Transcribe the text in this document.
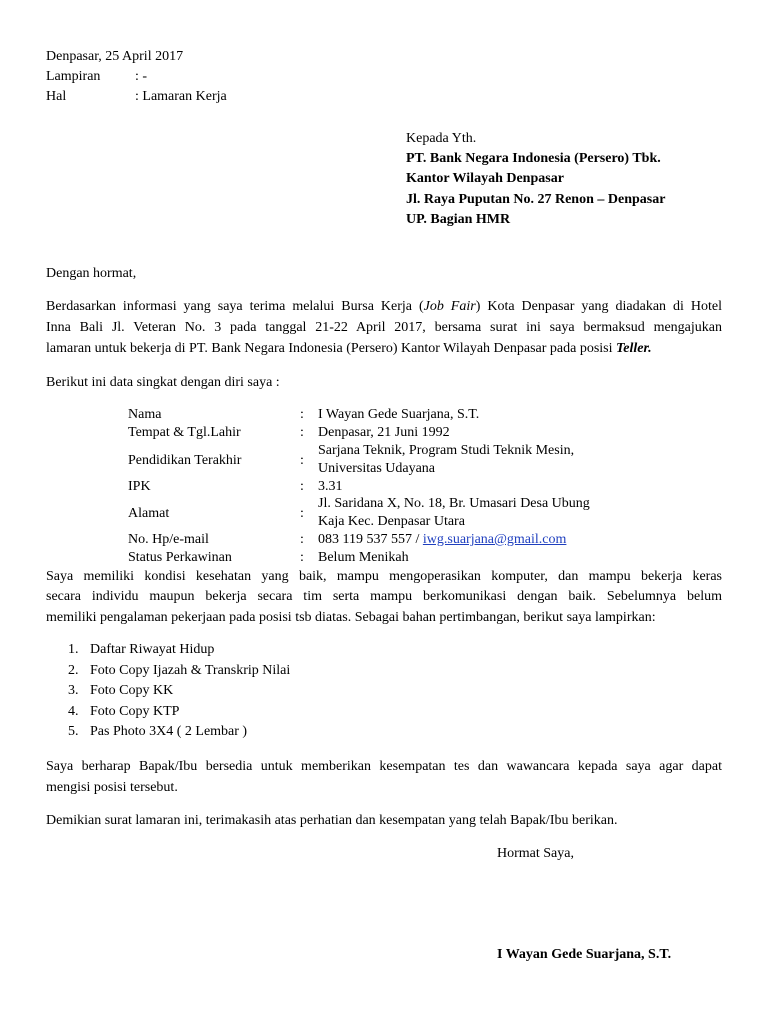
Denpasar, 25 April 2017
Lampiran : -
Hal	: Lamaran Kerja
Kepada Yth.
PT. Bank Negara Indonesia (Persero) Tbk.
Kantor Wilayah Denpasar
Jl. Raya Puputan No. 27 Renon – Denpasar
UP. Bagian HMR
Dengan hormat,
Berdasarkan informasi yang saya terima melalui Bursa Kerja (Job Fair) Kota Denpasar yang diadakan di Hotel
Inna Bali Jl. Veteran No. 3 pada tanggal 21-22 April 2017, bersama surat ini saya bermaksud mengajukan
lamaran untuk bekerja di PT. Bank Negara Indonesia (Persero) Kantor Wilayah Denpasar pada posisi Teller.
Berikut ini data singkat dengan diri saya :
Nama	: I Wayan Gede Suarjana, S.T.
Tempat & Tgl.Lahir	: Denpasar, 21 Juni 1992
Pendidikan Terakhir	:
Sarjana Teknik, Program Studi Teknik Mesin,
Universitas Udayana
IPK	: 3.31
Alamat	:
Jl. Saridana X, No. 18, Br. Umasari Desa Ubung
Kaja Kec. Denpasar Utara
No. Hp/e-mail	: 083 119 537 557 / iwg.suarjana@gmail.com
Status Perkawinan	: Belum Menikah
Saya memiliki kondisi kesehatan yang baik, mampu mengoperasikan komputer, dan mampu bekerja keras
secara individu maupun bekerja secara tim serta mampu berkomunikasi dengan baik. Sebelumnya belum
memiliki pengalaman pekerjaan pada posisi tsb diatas. Sebagai bahan pertimbangan, berikut saya lampirkan:
1. Daftar Riwayat Hidup
2. Foto Copy Ijazah & Transkrip Nilai
3. Foto Copy KK
4. Foto Copy KTP
5. Pas Photo 3X4 ( 2 Lembar )
Saya berharap Bapak/Ibu bersedia untuk memberikan kesempatan tes dan wawancara kepada saya agar dapat
mengisi posisi tersebut.
Demikian surat lamaran ini, terimakasih atas perhatian dan kesempatan yang telah Bapak/Ibu berikan.
Hormat Saya,
I Wayan Gede Suarjana, S.T.
